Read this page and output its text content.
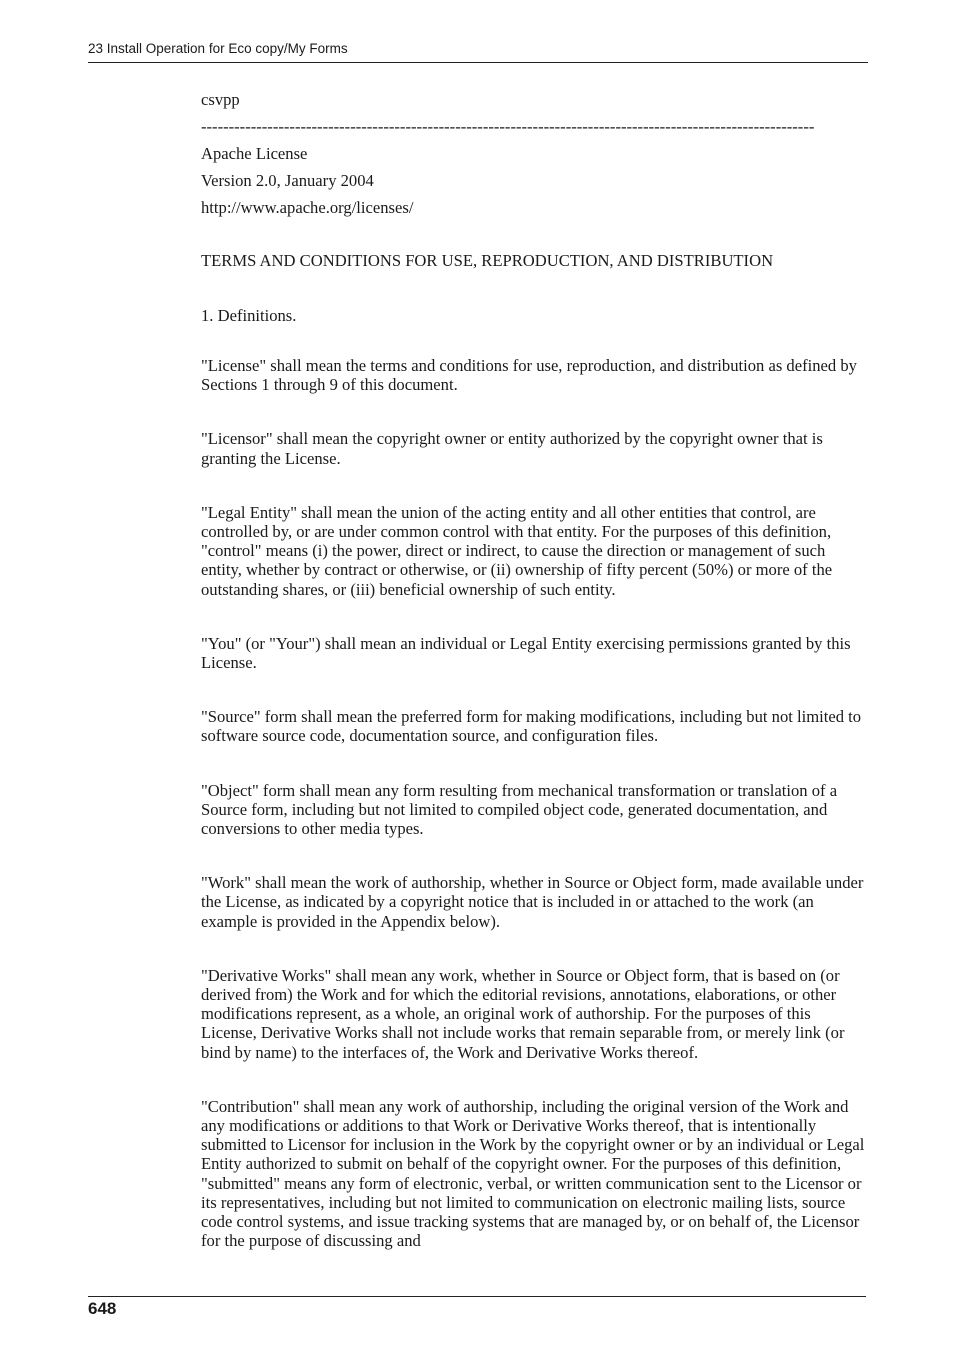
23 Install Operation for Eco copy/My Forms

csvpp

---------------------------------------------------------------------------------------------------------------

Apache License

Version 2.0, January 2004

http://www.apache.org/licenses/

TERMS AND CONDITIONS FOR USE, REPRODUCTION, AND DISTRIBUTION

1. Definitions.

"License" shall mean the terms and conditions for use, reproduction, and distribution as defined by Sections 1 through 9 of this document.

"Licensor" shall mean the copyright owner or entity authorized by the copyright owner that is granting the License.

"Legal Entity" shall mean the union of the acting entity and all other entities that control, are controlled by, or are under common control with that entity. For the purposes of this definition, "control" means (i) the power, direct or indirect, to cause the direction or management of such entity, whether by contract or otherwise, or (ii) ownership of fifty percent (50%) or more of the outstanding shares, or (iii) beneficial ownership of such entity.

"You" (or "Your") shall mean an individual or Legal Entity exercising permissions granted by this License.

"Source" form shall mean the preferred form for making modifications, including but not limited to software source code, documentation source, and configuration files.

"Object" form shall mean any form resulting from mechanical transformation or translation of a Source form, including but not limited to compiled object code, generated documentation, and conversions to other media types.

"Work" shall mean the work of authorship, whether in Source or Object form, made available under the License, as indicated by a copyright notice that is included in or attached to the work (an example is provided in the Appendix below).

"Derivative Works" shall mean any work, whether in Source or Object form, that is based on (or derived from) the Work and for which the editorial revisions, annotations, elaborations, or other modifications represent, as a whole, an original work of authorship. For the purposes of this License, Derivative Works shall not include works that remain separable from, or merely link (or bind by name) to the interfaces of, the Work and Derivative Works thereof.

"Contribution" shall mean any work of authorship, including the original version of the Work and any modifications or additions to that Work or Derivative Works thereof, that is intentionally submitted to Licensor for inclusion in the Work by the copyright owner or by an individual or Legal Entity authorized to submit on behalf of the copyright owner. For the purposes of this definition, "submitted" means any form of electronic, verbal, or written communication sent to the Licensor or its representatives, including but not limited to communication on electronic mailing lists, source code control systems, and issue tracking systems that are managed by, or on behalf of, the Licensor for the purpose of discussing and

648
